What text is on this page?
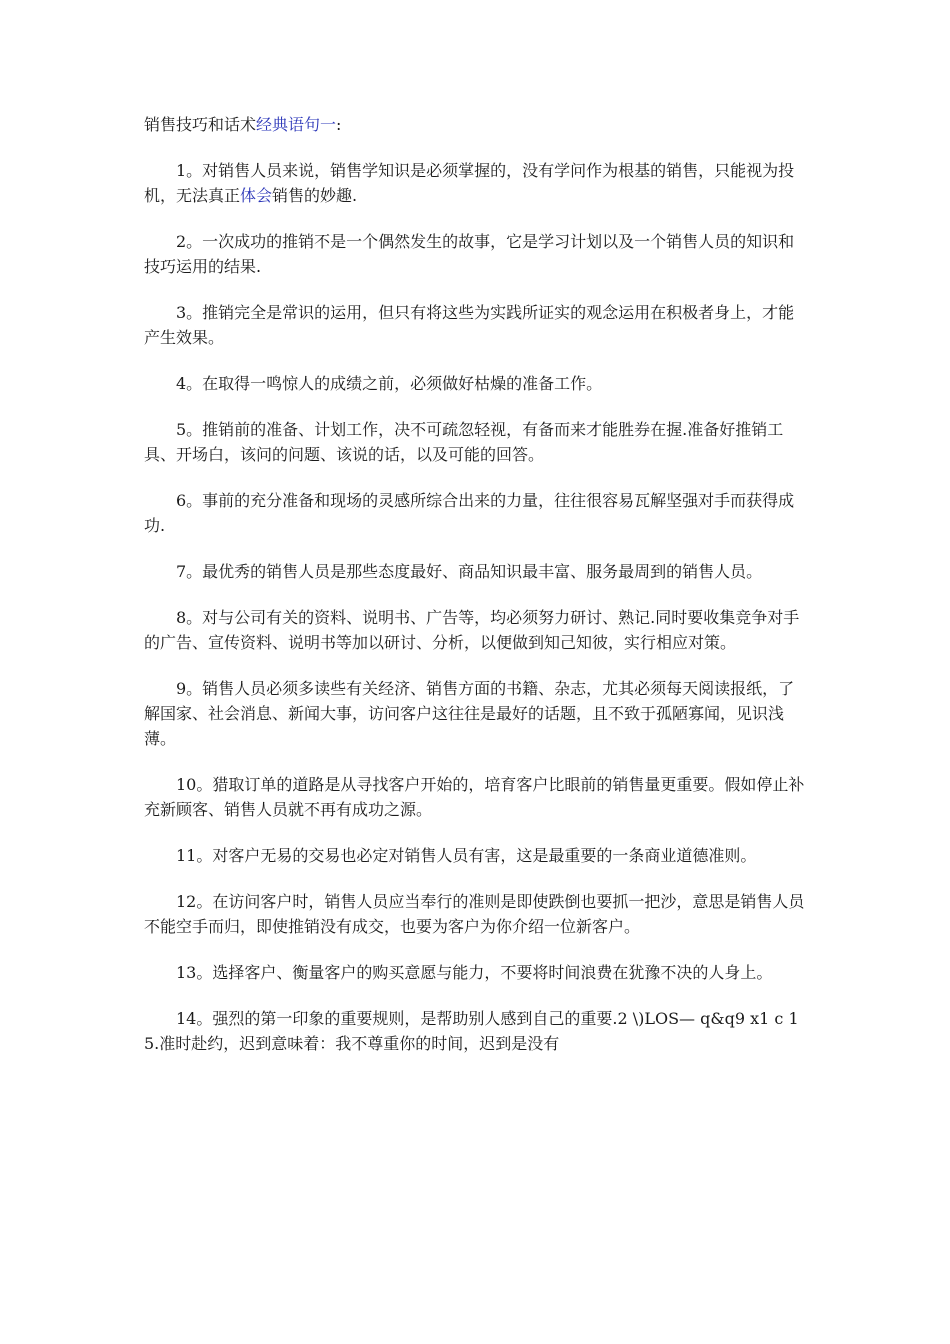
销售技巧和话术经典语句一:

1。对销售人员来说，销售学知识是必须掌握的，没有学问作为根基的销售，只能视为投机，无法真正体会销售的妙趣.

2。一次成功的推销不是一个偶然发生的故事，它是学习计划以及一个销售人员的知识和技巧运用的结果.

3。推销完全是常识的运用，但只有将这些为实践所证实的观念运用在积极者身上，才能产生效果。

4。在取得一鸣惊人的成绩之前，必须做好枯燥的准备工作。

5。推销前的准备、计划工作，决不可疏忽轻视，有备而来才能胜券在握.准备好推销工具、开场白，该问的问题、该说的话，以及可能的回答。

6。事前的充分准备和现场的灵感所综合出来的力量，往往很容易瓦解坚强对手而获得成功.

7。最优秀的销售人员是那些态度最好、商品知识最丰富、服务最周到的销售人员。

8。对与公司有关的资料、说明书、广告等，均必须努力研讨、熟记.同时要收集竞争对手的广告、宣传资料、说明书等加以研讨、分析，以便做到知己知彼，实行相应对策。

9。销售人员必须多读些有关经济、销售方面的书籍、杂志，尤其必须每天阅读报纸，了解国家、社会消息、新闻大事，访问客户这往往是最好的话题，且不致于孤陋寡闻，见识浅薄。

10。猎取订单的道路是从寻找客户开始的，培育客户比眼前的销售量更重要。假如停止补充新顾客、销售人员就不再有成功之源。

11。对客户无易的交易也必定对销售人员有害，这是最重要的一条商业道德准则。

12。在访问客户时，销售人员应当奉行的准则是即使跌倒也要抓一把沙，意思是销售人员不能空手而归，即使推销没有成交，也要为客户为你介绍一位新客户。

13。选择客户、衡量客户的购买意愿与能力，不要将时间浪费在犹豫不决的人身上。

14。强烈的第一印象的重要规则，是帮助别人感到自己的重要.2 \)LOS— q&q9 x1 c 15.准时赴约，迟到意味着：我不尊重你的时间，迟到是没有
